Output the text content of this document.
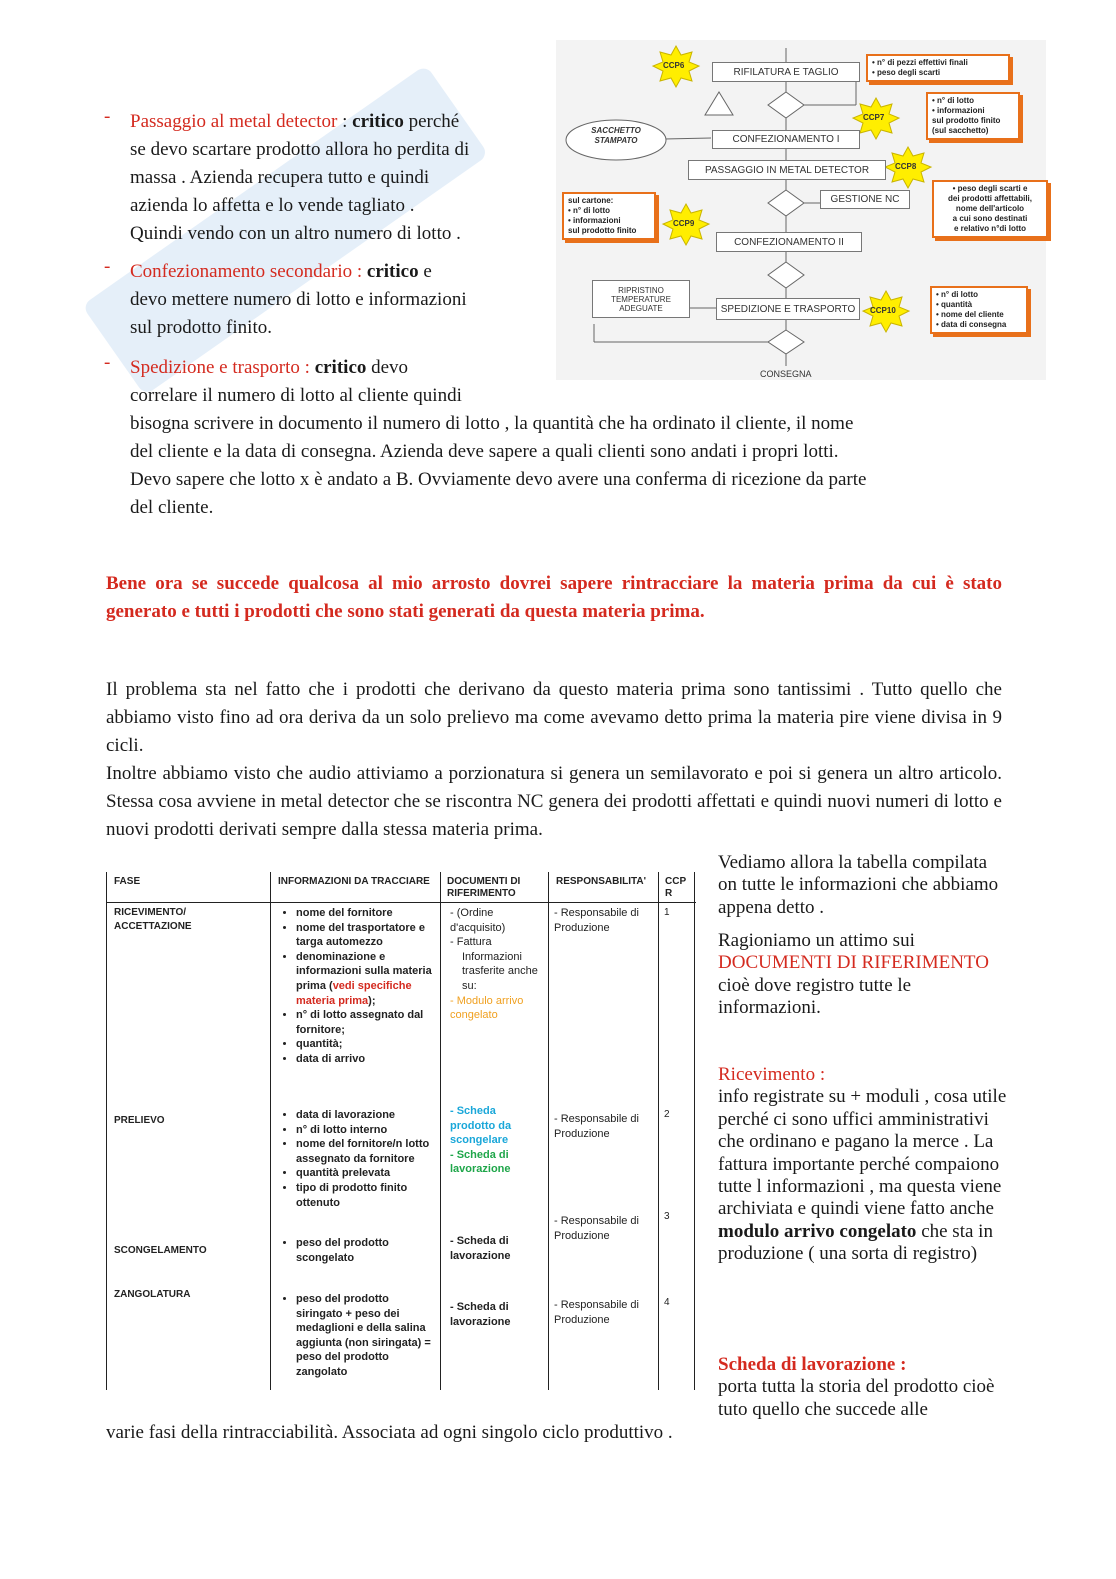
- Passaggio al metal detector : critico perché
se devo scartare prodotto allora ho perdita di
massa . Azienda recupera tutto e quindi
azienda lo affetta e lo vende tagliato .
Quindi vendo con un altro numero di lotto .
- Confezionamento secondario : critico e
devo mettere numero di lotto e informazioni
sul prodotto finito.
- Spedizione e trasporto : critico devo
correlare il numero di lotto al cliente quindi
bisogna scrivere in documento il numero di lotto , la quantità che ha ordinato il cliente, il nome
del cliente e la data di consegna. Azienda deve sapere a quali clienti sono andati i propri lotti.
Devo sapere che lotto x è andato a B. Ovviamente devo avere una conferma di ricezione da parte
del cliente.
CCP6
CCP7
CCP8
CCP9
CCP10
RIFILATURA E TAGLIO
CONFEZIONAMENTO I
PASSAGGIO IN METAL DETECTOR
GESTIONE NC
CONFEZIONAMENTO II
RIPRISTINO TEMPERATURE ADEGUATE	SPEDIZIONE E TRASPORTO
CONSEGNA
SACCHETTO STAMPATO
• n° di pezzi effettivi finali
• peso degli scarti
• n° di lotto
• informazioni
sul prodotto finito
(sul sacchetto)
• peso degli scarti e
dei prodotti affettabili,
nome dell'articolo
a cui sono destinati
e relativo n°di lotto
sul cartone:
• n° di lotto
• informazioni
sul prodotto finito
• n° di lotto
• quantità
• nome del cliente
• data di consegna
Bene ora se succede qualcosa al mio arrosto dovrei sapere rintracciare la materia prima da cui è stato generato e tutti i prodotti che sono stati generati da questa materia prima.
Il problema sta nel fatto che i prodotti che derivano da questo materia prima sono tantissimi . Tutto quello che abbiamo visto fino ad ora deriva da un solo prelievo ma come avevamo detto prima la materia pire viene divisa in 9 cicli.
Inoltre abbiamo visto che audio attiviamo a porzionatura si genera un semilavorato e poi si genera un altro articolo. Stessa cosa avviene in metal detector che se riscontra NC genera dei prodotti affettati e quindi nuovi numeri di lotto e nuovi prodotti derivati sempre dalla stessa materia prima.
FASE	INFORMAZIONI DA TRACCIARE DOCUMENTI DI RIFERIMENTO
RESPONSABILITA' CCP R
RICEVIMENTO/
ACCETTAZIONE
PRELIEVO
SCONGELAMENTO
ZANGOLATURA
• nome del fornitore
• nome del trasportatore e targa automezzo
• denominazione e informazioni sulla materia prima (vedi specifiche materia prima);
• n° di lotto assegnato dal fornitore;
• quantità;
• data di arrivo
• data di lavorazione
• n° di lotto interno
• nome del fornitore/n lotto assegnato da fornitore
• quantità prelevata
• tipo di prodotto finito ottenuto
• peso del prodotto scongelato
• peso del prodotto siringato + peso dei medaglioni e della salina aggiunta (non siringata) = peso del prodotto zangolato
- (Ordine d'acquisito)
- Fattura
Informazioni trasferite anche su:
- Modulo arrivo congelato
- Scheda prodotto da scongelare
- Scheda di lavorazione
- Scheda di lavorazione
- Scheda di lavorazione
- Responsabile di Produzione
- Responsabile di Produzione
- Responsabile di Produzione
- Responsabile di Produzione
1
2
3
4
Vediamo allora la tabella compilata on tutte le informazioni che abbiamo appena detto .
Ragioniamo un attimo sui
DOCUMENTI DI RIFERIMENTO
cioè dove registro tutte le informazioni.
Ricevimento :
info registrate su + moduli , cosa utile perché ci sono uffici amministrativi che ordinano e pagano la merce . La fattura importante perché compaiono tutte l informazioni , ma questa viene archiviata e quindi viene fatto anche modulo arrivo congelato che sta in produzione ( una sorta di registro)
Scheda di lavorazione :
porta tutta la storia del prodotto cioè tuto quello che succede alle
varie fasi della rintracciabilità. Associata ad ogni singolo ciclo produttivo .
